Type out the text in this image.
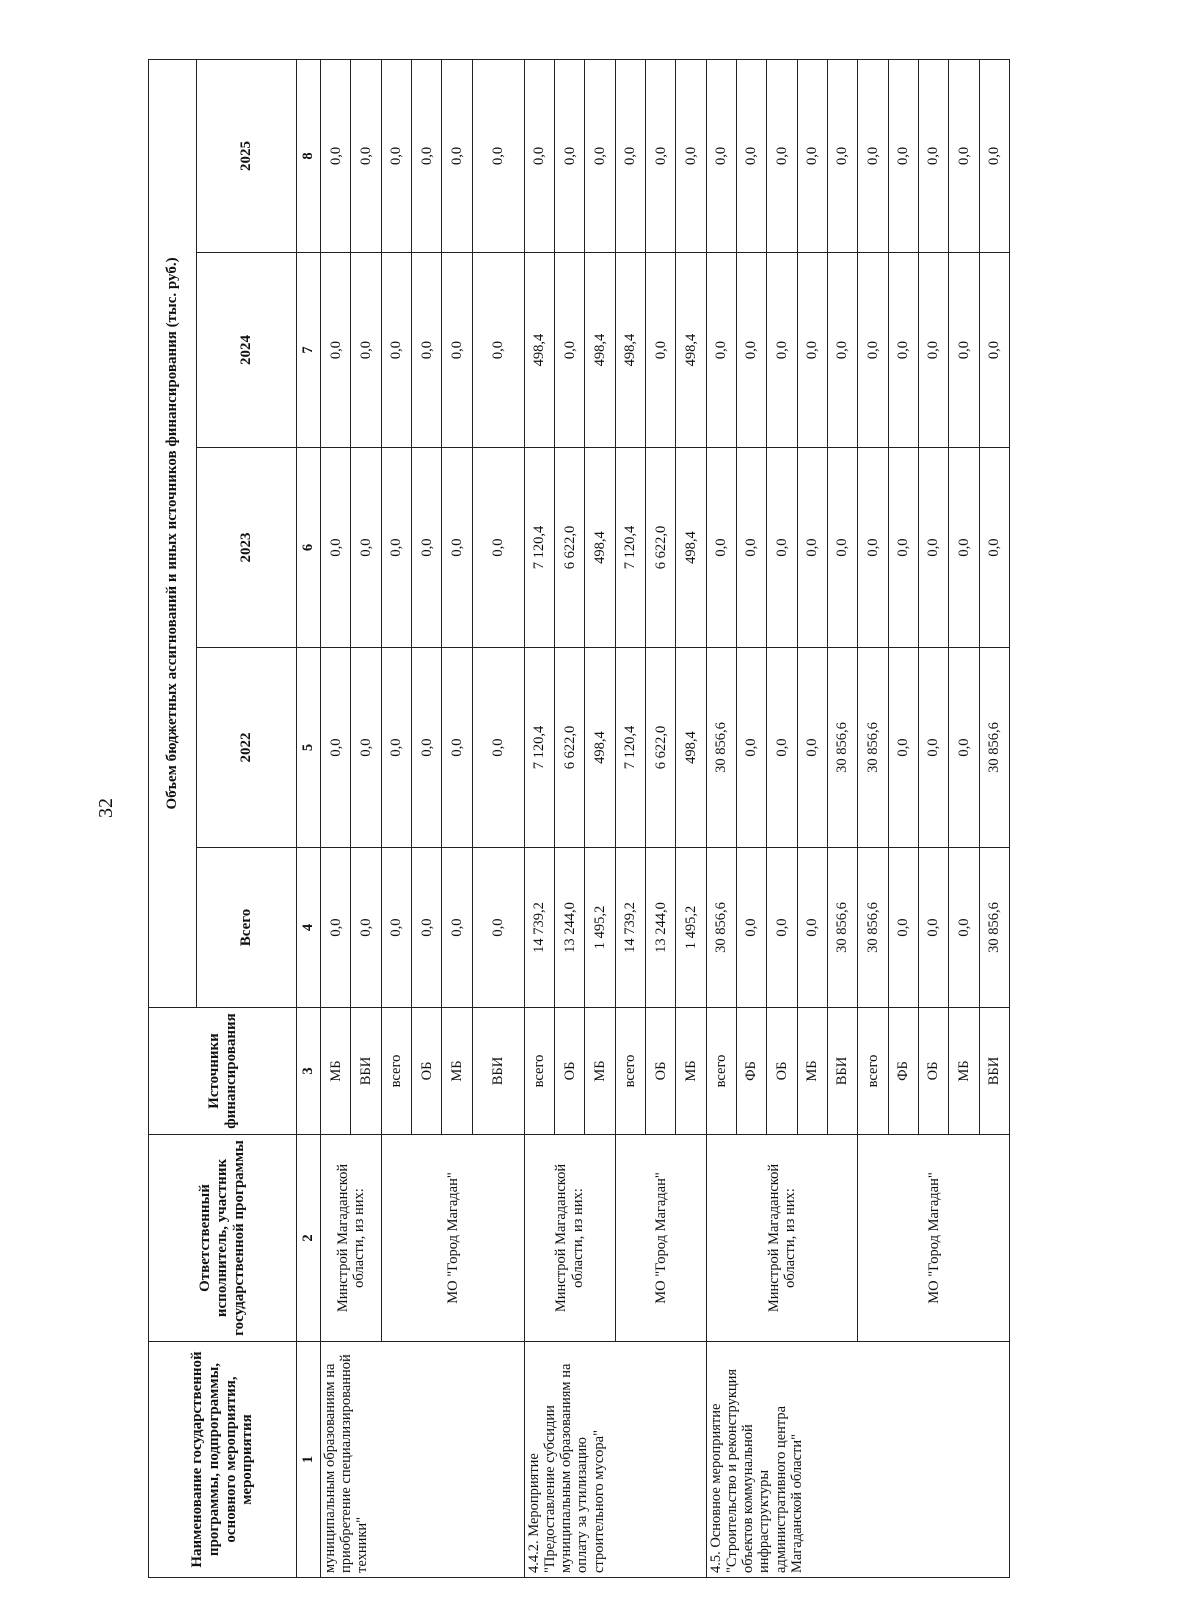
32
Наименование государственной программы, подпрограммы, основного мероприятия, мероприятия	Ответственный исполнитель, участник государственной программы	Источники финансирования	Объем бюджетных ассигнований и иных источников финансирования (тыс. руб.)				
			Всего	2022	2023	2024	2025
1	2	3	4	5	6	7	8
муниципальным образованиям на приобретение специализированной техники"	Минстрой Магаданской области, из них:	МБ	0,0	0,0	0,0	0,0	0,0
		ВБИ	0,0	0,0	0,0	0,0	0,0
	МО "Город Магадан"	всего	0,0	0,0	0,0	0,0	0,0
		ОБ	0,0	0,0	0,0	0,0	0,0
		МБ	0,0	0,0	0,0	0,0	0,0
		ВБИ	0,0	0,0	0,0	0,0	0,0
4.4.2. Мероприятие "Предоставление субсидии муниципальным образованиям на оплату за утилизацию строительного мусора"	Минстрой Магаданской области, из них:	всего	14 739,2	7 120,4	7 120,4	498,4	0,0
		ОБ	13 244,0	6 622,0	6 622,0	0,0	0,0
		МБ	1 495,2	498,4	498,4	498,4	0,0
	МО "Город Магадан"	всего	14 739,2	7 120,4	7 120,4	498,4	0,0
		ОБ	13 244,0	6 622,0	6 622,0	0,0	0,0
		МБ	1 495,2	498,4	498,4	498,4	0,0
4.5. Основное мероприятие "Строительство и реконструкция объектов коммунальной инфраструктуры административного центра Магаданской области"	Минстрой Магаданской области, из них:	всего	30 856,6	30 856,6	0,0	0,0	0,0
		ФБ	0,0	0,0	0,0	0,0	0,0
		ОБ	0,0	0,0	0,0	0,0	0,0
		МБ	0,0	0,0	0,0	0,0	0,0
		ВБИ	30 856,6	30 856,6	0,0	0,0	0,0
	МО "Город Магадан"	всего	30 856,6	30 856,6	0,0	0,0	0,0
		ФБ	0,0	0,0	0,0	0,0	0,0
		ОБ	0,0	0,0	0,0	0,0	0,0
		МБ	0,0	0,0	0,0	0,0	0,0
		ВБИ	30 856,6	30 856,6	0,0	0,0	0,0
